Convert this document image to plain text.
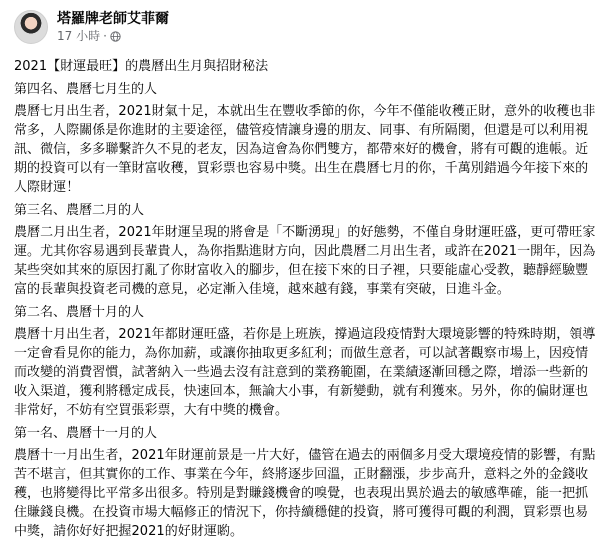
塔羅牌老師艾菲爾
17 小時 ·

2021【財運最旺】的農曆出生月與招財秘法

第四名、農曆七月生的人

農曆七月出生者，2021財氣十足，本就出生在豐收季節的你，今年不僅能收穫正財，意外的收穫也非常多，人際關係是你進財的主要途徑，儘管疫情讓身邊的朋友、同事、有所隔閡，但還是可以利用視訊、微信，多多聯繫許久不見的老友，因為這會為你們雙方，都帶來好的機會，將有可觀的進帳。近期的投資可以有一筆財富收穫，買彩票也容易中獎。出生在農曆七月的你，千萬別錯過今年接下來的人際財運！

第三名、農曆二月的人

農曆二月出生者，2021年財運呈現的將會是「不斷湧現」的好態勢，不僅自身財運旺盛，更可帶旺家運。尤其你容易遇到長輩貴人，為你指點進財方向，因此農曆二月出生者，或許在2021一開年，因為某些突如其來的原因打亂了你財富收入的腳步，但在接下來的日子裡，只要能虛心受教，聽靜經驗豐富的長輩與投資老司機的意見，必定漸入佳境，越來越有錢，事業有突破，日進斗金。

第二名、農曆十月的人

農曆十月出生者，2021年都財運旺盛，若你是上班族，撐過這段疫情對大環境影響的特殊時期，領導一定會看見你的能力，為你加薪，或讓你抽取更多紅利；而做生意者，可以試著觀察市場上，因疫情而改變的消費習慣，試著納入一些過去沒有註意到的業務範圍，在業績逐漸回穩之際，增添一些新的收入渠道，獲利將穩定成長，快速回本，無論大小事，有新變動，就有利獲來。另外，你的偏財運也非常好，不妨有空買張彩票，大有中獎的機會。

第一名、農曆十一月的人

農曆十一月出生者，2021年財運前景是一片大好，儘管在過去的兩個多月受大環境疫情的影響，有點苦不堪言，但其實你的工作、事業在今年，終將逐步回溫，正財翻漲，步步高升，意料之外的金錢收穫，也將變得比平常多出很多。特別是對賺錢機會的嗅覺，也表現出異於過去的敏感準確，能一把抓住賺錢良機。在投資市場大幅修正的情況下，你持續穩健的投資，將可獲得可觀的利潤，買彩票也易中獎，請你好好把握2021的好財運喲。
